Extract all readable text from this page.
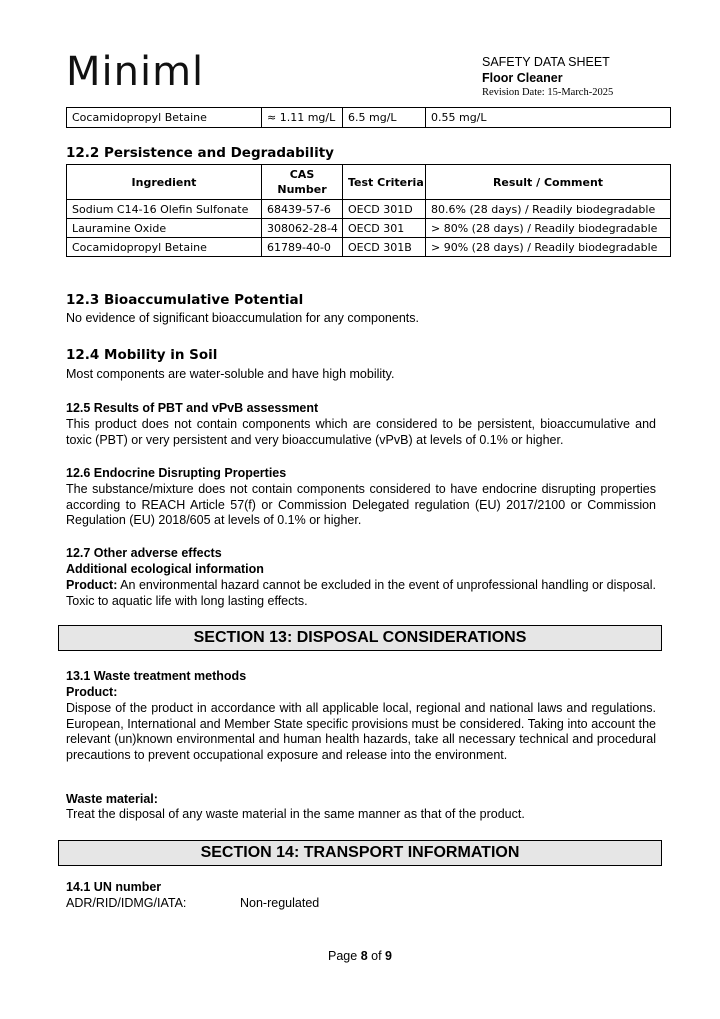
Miniml	SAFETY DATA SHEET
Floor Cleaner
Revision Date: 15-March-2025
Cocamidopropyl Betaine	≈ 1.11 mg/L	6.5 mg/L	0.55 mg/L
12.2 Persistence and Degradability
Ingredient	CAS Number	Test Criteria	Result / Comment
Sodium C14-16 Olefin Sulfonate	68439-57-6	OECD 301D	80.6% (28 days) / Readily biodegradable
Lauramine Oxide	308062-28-4	OECD 301	> 80% (28 days) / Readily biodegradable
Cocamidopropyl Betaine	61789-40-0	OECD 301B	> 90% (28 days) / Readily biodegradable
12.3 Bioaccumulative Potential
No evidence of significant bioaccumulation for any components.
12.4 Mobility in Soil
Most components are water-soluble and have high mobility.
12.5 Results of PBT and vPvB assessment
This product does not contain components which are considered to be persistent, bioaccumulative and toxic (PBT) or very persistent and very bioaccumulative (vPvB) at levels of 0.1% or higher.
12.6 Endocrine Disrupting Properties
The substance/mixture does not contain components considered to have endocrine disrupting properties according to REACH Article 57(f) or Commission Delegated regulation (EU) 2017/2100 or Commission Regulation (EU) 2018/605 at levels of 0.1% or higher.
12.7 Other adverse effects
Additional ecological information
Product: An environmental hazard cannot be excluded in the event of unprofessional handling or disposal. Toxic to aquatic life with long lasting effects.
SECTION 13: DISPOSAL CONSIDERATIONS
13.1 Waste treatment methods
Product:
Dispose of the product in accordance with all applicable local, regional and national laws and regulations. European, International and Member State specific provisions must be considered. Taking into account the relevant (un)known environmental and human health hazards, take all necessary technical and procedural precautions to prevent occupational exposure and release into the environment.
Waste material:
Treat the disposal of any waste material in the same manner as that of the product.
SECTION 14: TRANSPORT INFORMATION
14.1 UN number
ADR/RID/IDMG/IATA:	Non-regulated
Page 8 of 9
